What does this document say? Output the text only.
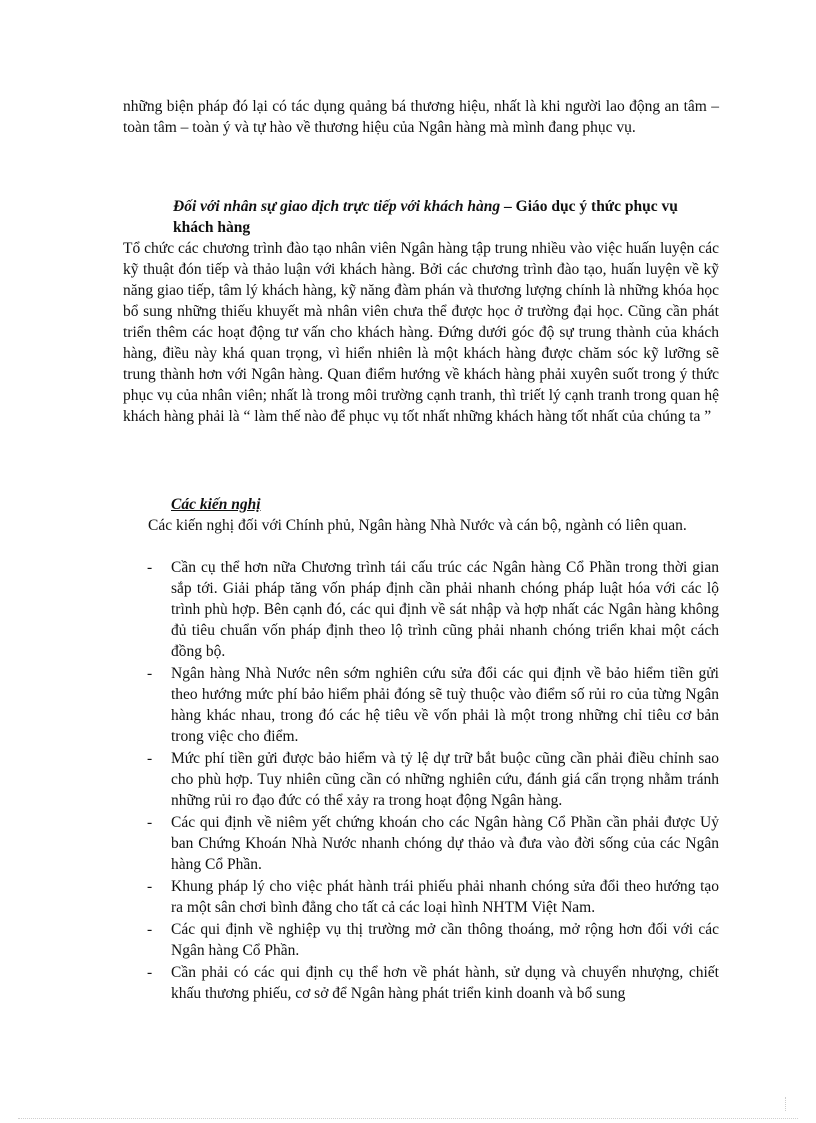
những biện pháp đó lại có tác dụng quảng bá thương hiệu, nhất là khi người lao động an tâm – toàn tâm – toàn ý và tự hào về thương hiệu của Ngân hàng mà mình đang phục vụ.

Đối với nhân sự giao dịch trực tiếp với khách hàng – Giáo dục ý thức phục vụ khách hàng

Tổ chức các chương trình đào tạo nhân viên Ngân hàng tập trung nhiều vào việc huấn luyện các kỹ thuật đón tiếp và thảo luận với khách hàng. Bởi các chương trình đào tạo, huấn luyện về kỹ năng giao tiếp, tâm lý khách hàng, kỹ năng đàm phán và thương lượng chính là những khóa học bổ sung những thiếu khuyết mà nhân viên chưa thể được học ở trường đại học. Cũng cần phát triển thêm các hoạt động tư vấn cho khách hàng. Đứng dưới góc độ sự trung thành của khách hàng, điều này khá quan trọng, vì hiển nhiên là một khách hàng được chăm sóc kỹ lưỡng sẽ trung thành hơn với Ngân hàng. Quan điểm hướng về khách hàng phải xuyên suốt trong ý thức phục vụ của nhân viên; nhất là trong môi trường cạnh tranh, thì triết lý cạnh tranh trong quan hệ khách hàng phải là “ làm thế nào để phục vụ tốt nhất những khách hàng tốt nhất của chúng ta ”

Các kiến nghị

Các kiến nghị đối với Chính phủ, Ngân hàng Nhà Nước và cán bộ, ngành có liên quan.

- Cần cụ thể hơn nữa Chương trình tái cấu trúc các Ngân hàng Cổ Phần trong thời gian sắp tới. Giải pháp tăng vốn pháp định cần phải nhanh chóng pháp luật hóa với các lộ trình phù hợp. Bên cạnh đó, các qui định về sát nhập và hợp nhất các Ngân hàng không đủ tiêu chuẩn vốn pháp định theo lộ trình cũng phải nhanh chóng triển khai một cách đồng bộ.
- Ngân hàng Nhà Nước nên sớm nghiên cứu sửa đổi các qui định về bảo hiểm tiền gửi theo hướng mức phí bảo hiểm phải đóng sẽ tuỳ thuộc vào điểm số rủi ro của từng Ngân hàng khác nhau, trong đó các hệ tiêu về vốn phải là một trong những chỉ tiêu cơ bản trong việc cho điểm.
- Mức phí tiền gửi được bảo hiểm và tỷ lệ dự trữ bắt buộc cũng cần phải điều chỉnh sao cho phù hợp. Tuy nhiên cũng cần có những nghiên cứu, đánh giá cẩn trọng nhằm tránh những rủi ro đạo đức có thể xảy ra trong hoạt động Ngân hàng.
- Các qui định về niêm yết chứng khoán cho các Ngân hàng Cổ Phần cần phải được Uỷ ban Chứng Khoán Nhà Nước nhanh chóng dự thảo và đưa vào đời sống của các Ngân hàng Cổ Phần.
- Khung pháp lý cho việc phát hành trái phiếu phải nhanh chóng sửa đổi theo hướng tạo ra một sân chơi bình đẳng cho tất cả các loại hình NHTM Việt Nam.
- Các qui định về nghiệp vụ thị trường mở cần thông thoáng, mở rộng hơn đối với các Ngân hàng Cổ Phần.
- Cần phải có các qui định cụ thể hơn về phát hành, sử dụng và chuyển nhượng, chiết khấu thương phiếu, cơ sở để Ngân hàng phát triển kinh doanh và bổ sung
